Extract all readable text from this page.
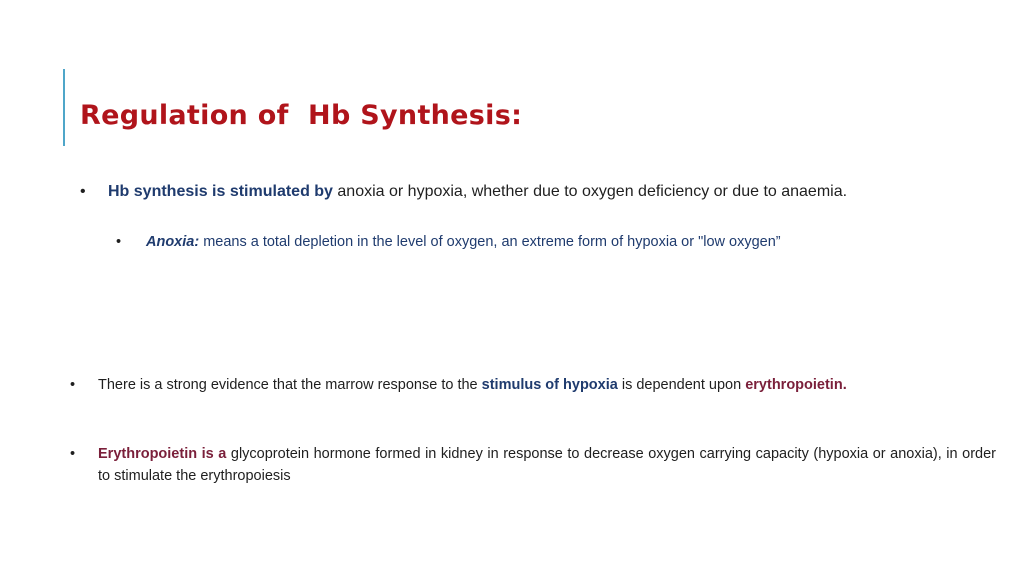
Regulation of  Hb Synthesis:
•	Hb synthesis is stimulated by anoxia or hypoxia, whether due to oxygen deficiency or due to anaemia.
•	Anoxia: means a total depletion in the level of oxygen, an extreme form of hypoxia or "low oxygen”
•	There is a strong evidence that the marrow response to the stimulus of hypoxia is dependent upon erythropoietin.
•	Erythropoietin is a glycoprotein hormone formed in kidney in response to decrease oxygen carrying capacity (hypoxia or anoxia), in order to stimulate the erythropoiesis
